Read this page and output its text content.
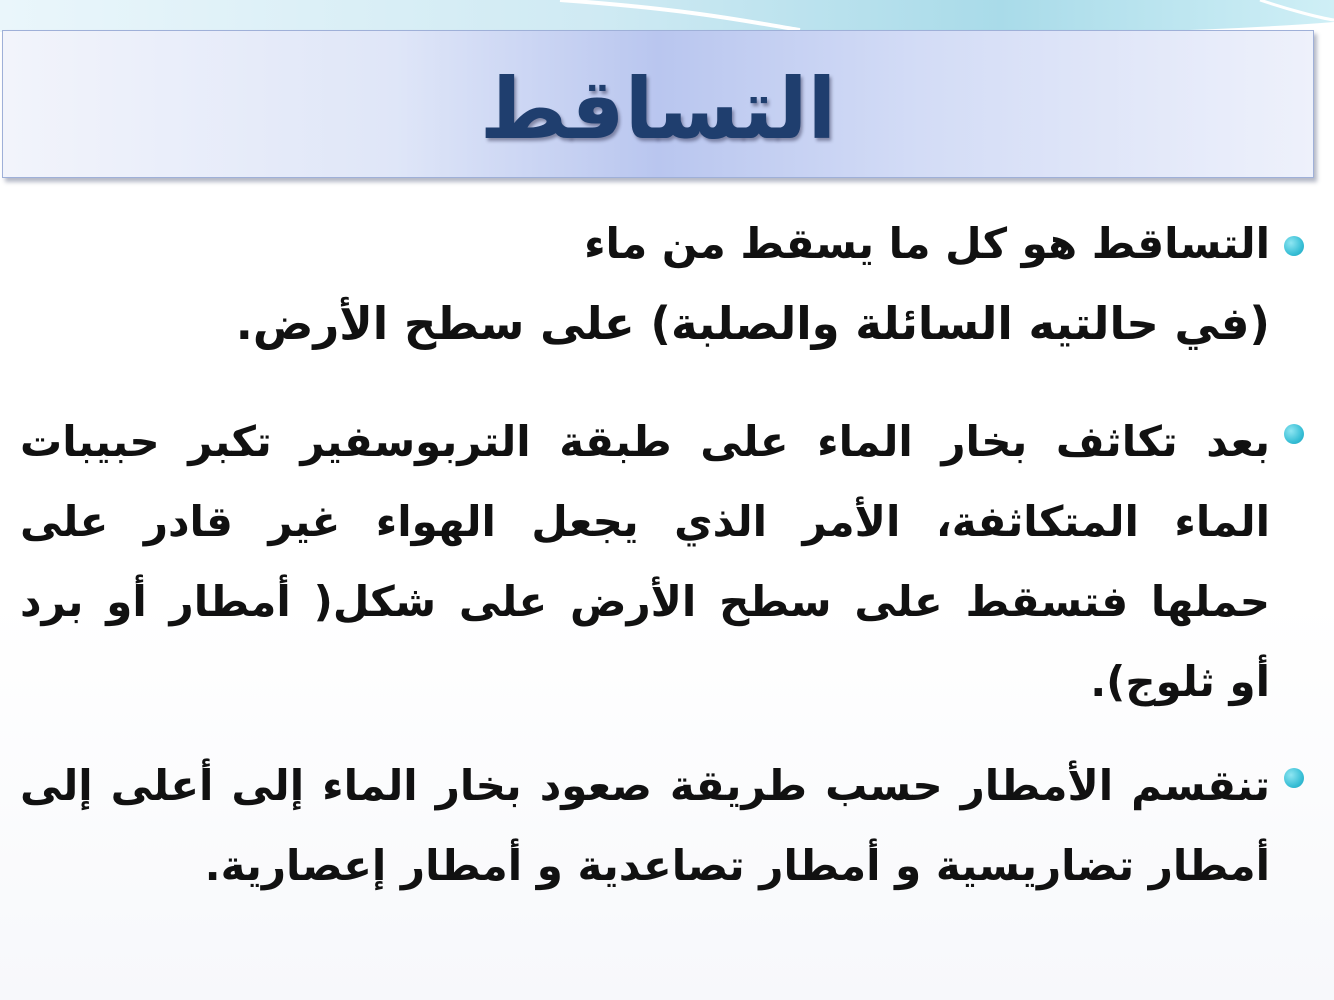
التساقط
التساقط هو كل ما يسقط من ماء
(في حالتيه السائلة والصلبة) على سطح الأرض.
بعد تكاثف بخار الماء على طبقة التربوسفير تكبر حبيبات
الماء المتكاثفة، الأمر الذي يجعل الهواء غير قادر على
حملها فتسقط على سطح الأرض على شكل( أمطار أو برد
أو ثلوج).
تنقسم الأمطار حسب طريقة صعود بخار الماء إلى أعلى إلى
أمطار تضاريسية و أمطار تصاعدية و أمطار إعصارية.
